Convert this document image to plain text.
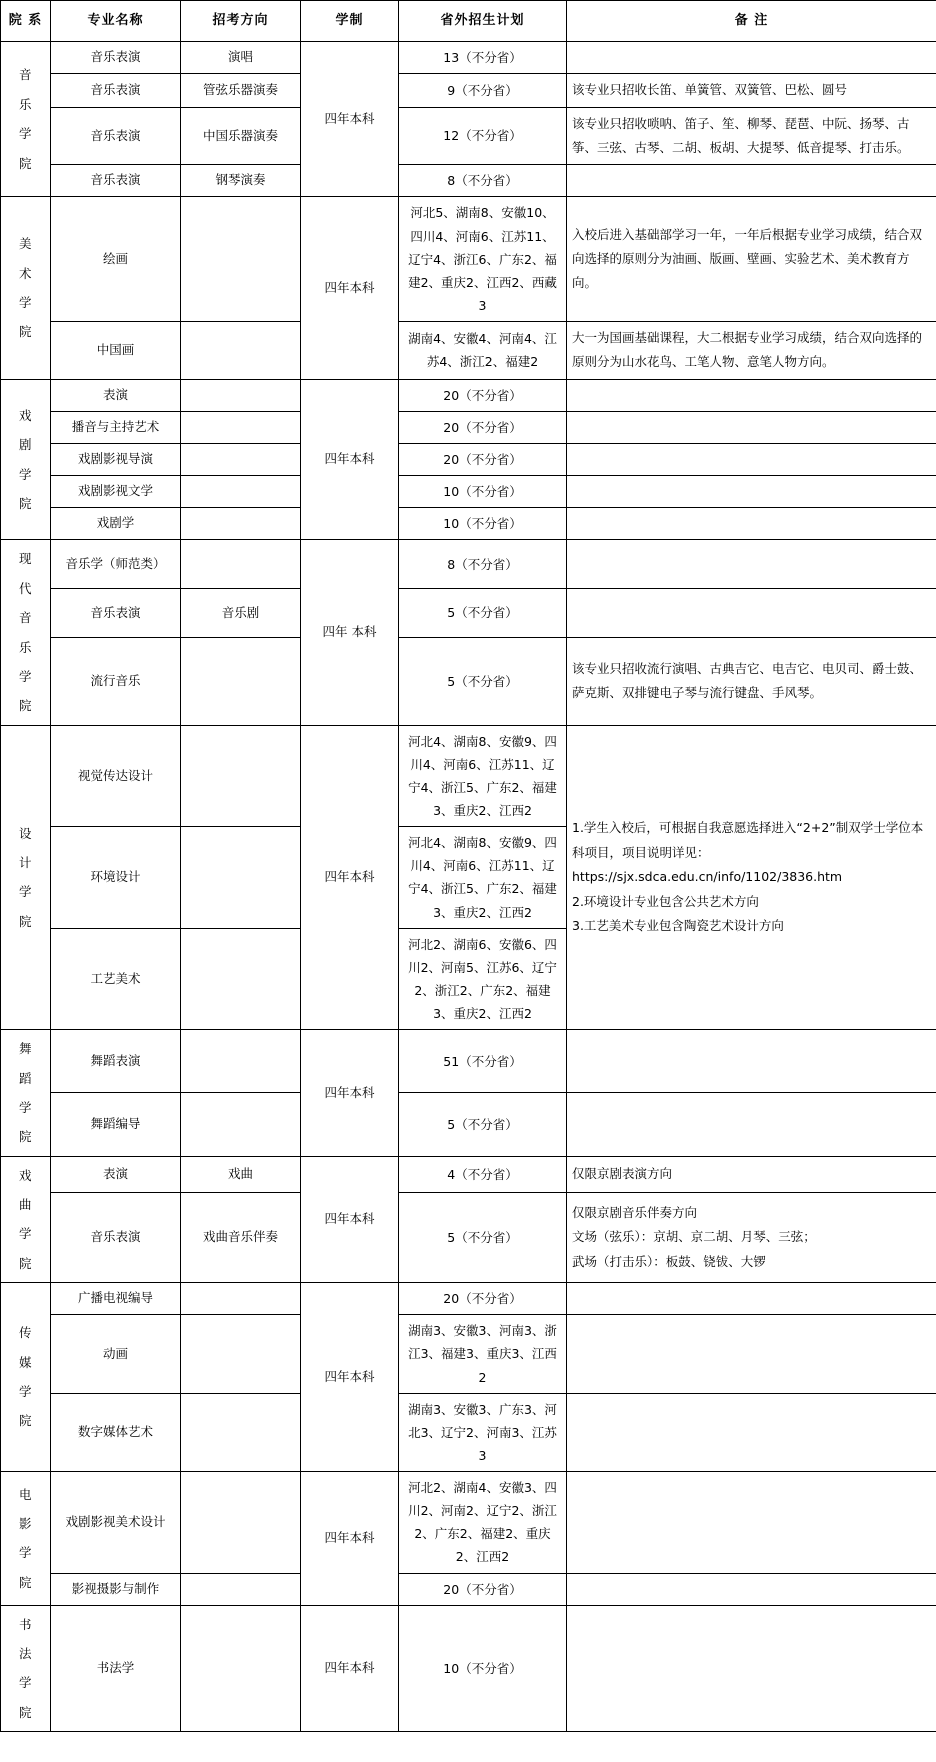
院 系	专业名称	招考方向	学制	省外招生计划	备 注

音
乐
学
院	音乐表演	演唱	四年本科	13（不分省）	
	音乐表演	管弦乐器演奏		9（不分省）	该专业只招收长笛、单簧管、双簧管、巴松、圆号
	音乐表演	中国乐器演奏		12（不分省）	该专业只招收唢呐、笛子、笙、柳琴、琵琶、中阮、扬琴、古筝、三弦、古琴、二胡、板胡、大提琴、低音提琴、打击乐。
	音乐表演	钢琴演奏		8（不分省）	

美
术
学
院	绘画		四年本科	河北5、湖南8、安徽10、四川4、河南6、江苏11、辽宁4、浙江6、广东2、福建2、重庆2、江西2、西藏3	入校后进入基础部学习一年，一年后根据专业学习成绩，结合双向选择的原则分为油画、版画、壁画、实验艺术、美术教育方向。
	中国画			湖南4、安徽4、河南4、江苏4、浙江2、福建2	大一为国画基础课程，大二根据专业学习成绩，结合双向选择的原则分为山水花鸟、工笔人物、意笔人物方向。

戏
剧
学
院	表演		四年本科	20（不分省）	
	播音与主持艺术			20（不分省）	
	戏剧影视导演			20（不分省）	
	戏剧影视文学			10（不分省）	
	戏剧学			10（不分省）	

现
代
音
乐
学
院
	音乐学（师范类）		四年 本科	8（不分省）	
	音乐表演	音乐剧		5（不分省）	
	流行音乐			5（不分省）	该专业只招收流行演唱、古典吉它、电吉它、电贝司、爵士鼓、萨克斯、双排键电子琴与流行键盘、手风琴。

设
计
学
院	视觉传达设计		四年本科	河北4、湖南8、安徽9、四川4、河南6、江苏11、辽宁4、浙江5、广东2、福建3、重庆2、江西2	1.学生入校后，可根据自我意愿选择进入“2+2”制双学士学位本科项目，项目说明详见：
https://sjx.sdca.edu.cn/info/1102/3836.htm
2.环境设计专业包含公共艺术方向
3.工艺美术专业包含陶瓷艺术设计方向

	环境设计			河北4、湖南8、安徽9、四川4、河南6、江苏11、辽宁4、浙江5、广东2、福建3、重庆2、江西2	
	工艺美术			河北2、湖南6、安徽6、四川2、河南5、江苏6、辽宁2、浙江2、广东2、福建3、重庆2、江西2	

舞
蹈
学
院	舞蹈表演		四年本科	51（不分省）	
	舞蹈编导			5（不分省）	

戏
曲
学
院	表演	戏曲	四年本科	4（不分省）	仅限京剧表演方向
	音乐表演	戏曲音乐伴奏		5（不分省）	仅限京剧音乐伴奏方向
文场（弦乐）：京胡、京二胡、月琴、三弦；
武场（打击乐）：板鼓、铙钹、大锣

传
媒
学
院	广播电视编导		四年本科	20（不分省）	
	动画			湖南3、安徽3、河南3、浙江3、福建3、重庆3、江西2	
	数字媒体艺术			湖南3、安徽3、广东3、河北3、辽宁2、河南3、江苏3	

电
影
学
院	戏剧影视美术设计		四年本科	河北2、湖南4、安徽3、四川2、河南2、辽宁2、浙江2、广东2、福建2、重庆2、江西2	
	影视摄影与制作			20（不分省）	

书
法
学
院	书法学		四年本科	10（不分省）	
